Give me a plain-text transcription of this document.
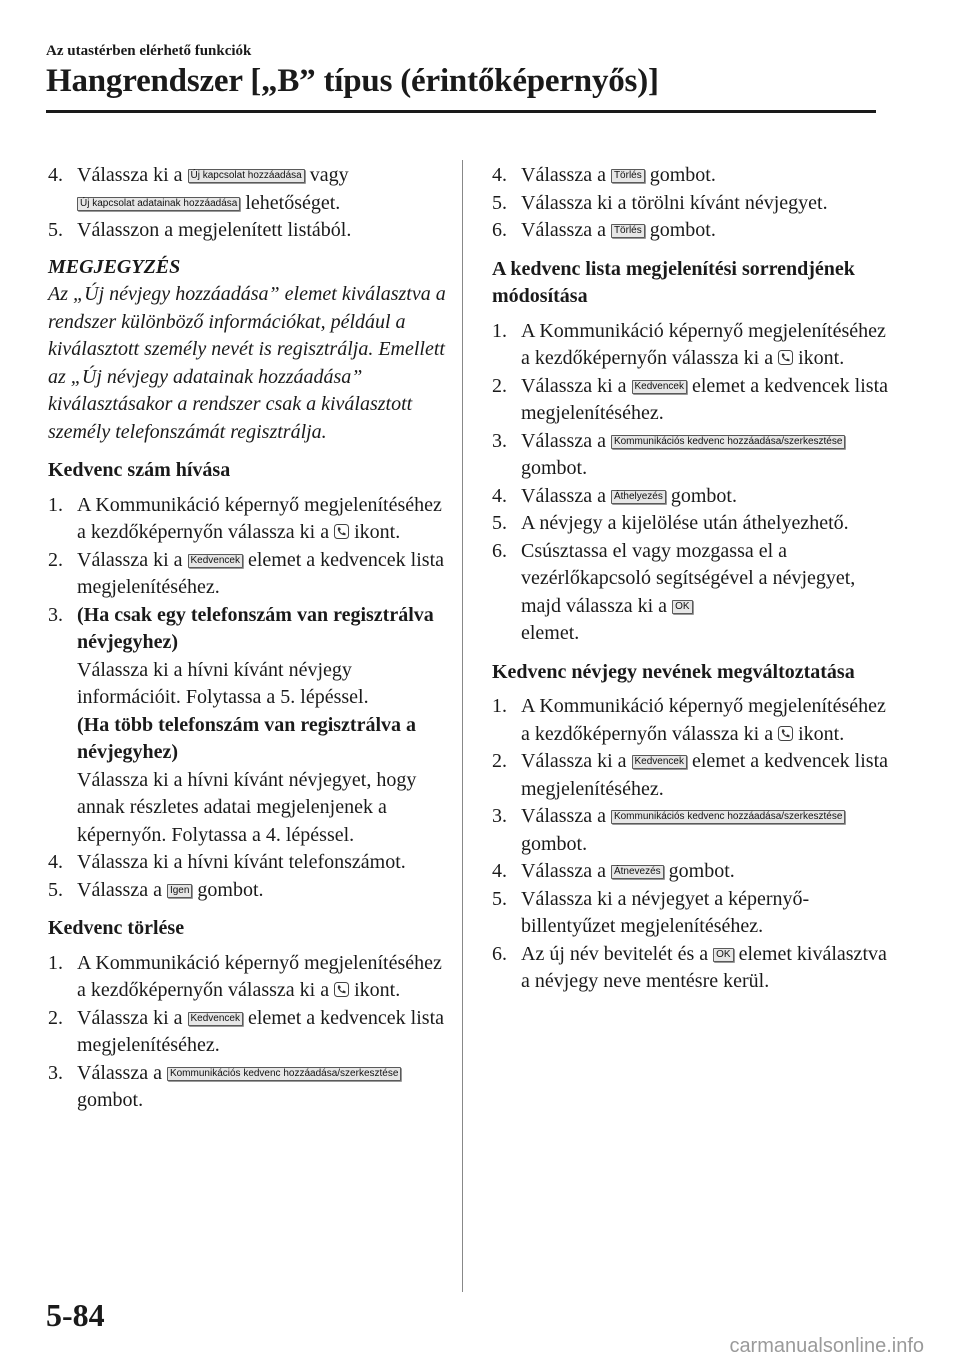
Az utastérben elérhető funkciók
Hangrendszer [„B” típus (érintőképernyős)]
4. Válassza ki a Új kapcsolat hozzáadása vagy
Új kapcsolat adatainak hozzáadása lehetőséget.
5. Válasszon a megjelenített listából.
MEGJEGYZÉS
Az „Új névjegy hozzáadása” elemet kiválasztva a rendszer különböző információkat, például a kiválasztott személy nevét is regisztrálja. Emellett az „Új névjegy adatainak hozzáadása” kiválasztásakor a rendszer csak a kiválasztott személy telefonszámát regisztrálja.
Kedvenc szám hívása
1. A Kommunikáció képernyő megjelenítéséhez a kezdőképernyőn válassza ki a ikont.
2. Válassza ki a Kedvencek elemet a kedvencek lista megjelenítéséhez.
3. (Ha csak egy telefonszám van regisztrálva névjegyhez)
Válassza ki a hívni kívánt névjegy információit. Folytassa a 5. lépéssel.
(Ha több telefonszám van regisztrálva a névjegyhez)
Válassza ki a hívni kívánt névjegyet, hogy annak részletes adatai megjelenjenek a képernyőn. Folytassa a 4. lépéssel.
4. Válassza ki a hívni kívánt telefonszámot.
5. Válassza a Igen gombot.
Kedvenc törlése
1. A Kommunikáció képernyő megjelenítéséhez a kezdőképernyőn válassza ki a ikont.
2. Válassza ki a Kedvencek elemet a kedvencek lista megjelenítéséhez.
3. Válassza a Kommunikációs kedvenc hozzáadása/szerkesztése
gombot.
4. Válassza a Törlés gombot.
5. Válassza ki a törölni kívánt névjegyet.
6. Válassza a Törlés gombot.
A kedvenc lista megjelenítési sorrendjének módosítása
1. A Kommunikáció képernyő megjelenítéséhez a kezdőképernyőn válassza ki a ikont.
2. Válassza ki a Kedvencek elemet a kedvencek lista megjelenítéséhez.
3. Válassza a Kommunikációs kedvenc hozzáadása/szerkesztése
gombot.
4. Válassza a Áthelyezés gombot.
5. A névjegy a kijelölése után áthelyezhető.
6. Csúsztassa el vagy mozgassa el a vezérlőkapcsoló segítségével a névjegyet, majd válassza ki a OK
elemet.
Kedvenc névjegy nevének megváltoztatása
1. A Kommunikáció képernyő megjelenítéséhez a kezdőképernyőn válassza ki a ikont.
2. Válassza ki a Kedvencek elemet a kedvencek lista megjelenítéséhez.
3. Válassza a Kommunikációs kedvenc hozzáadása/szerkesztése
gombot.
4. Válassza a Átnevezés gombot.
5. Válassza ki a névjegyet a képernyő-billentyűzet megjelenítéséhez.
6. Az új név bevitelét és a OK elemet kiválasztva a névjegy neve mentésre kerül.
5-84
carmanualsonline.info
